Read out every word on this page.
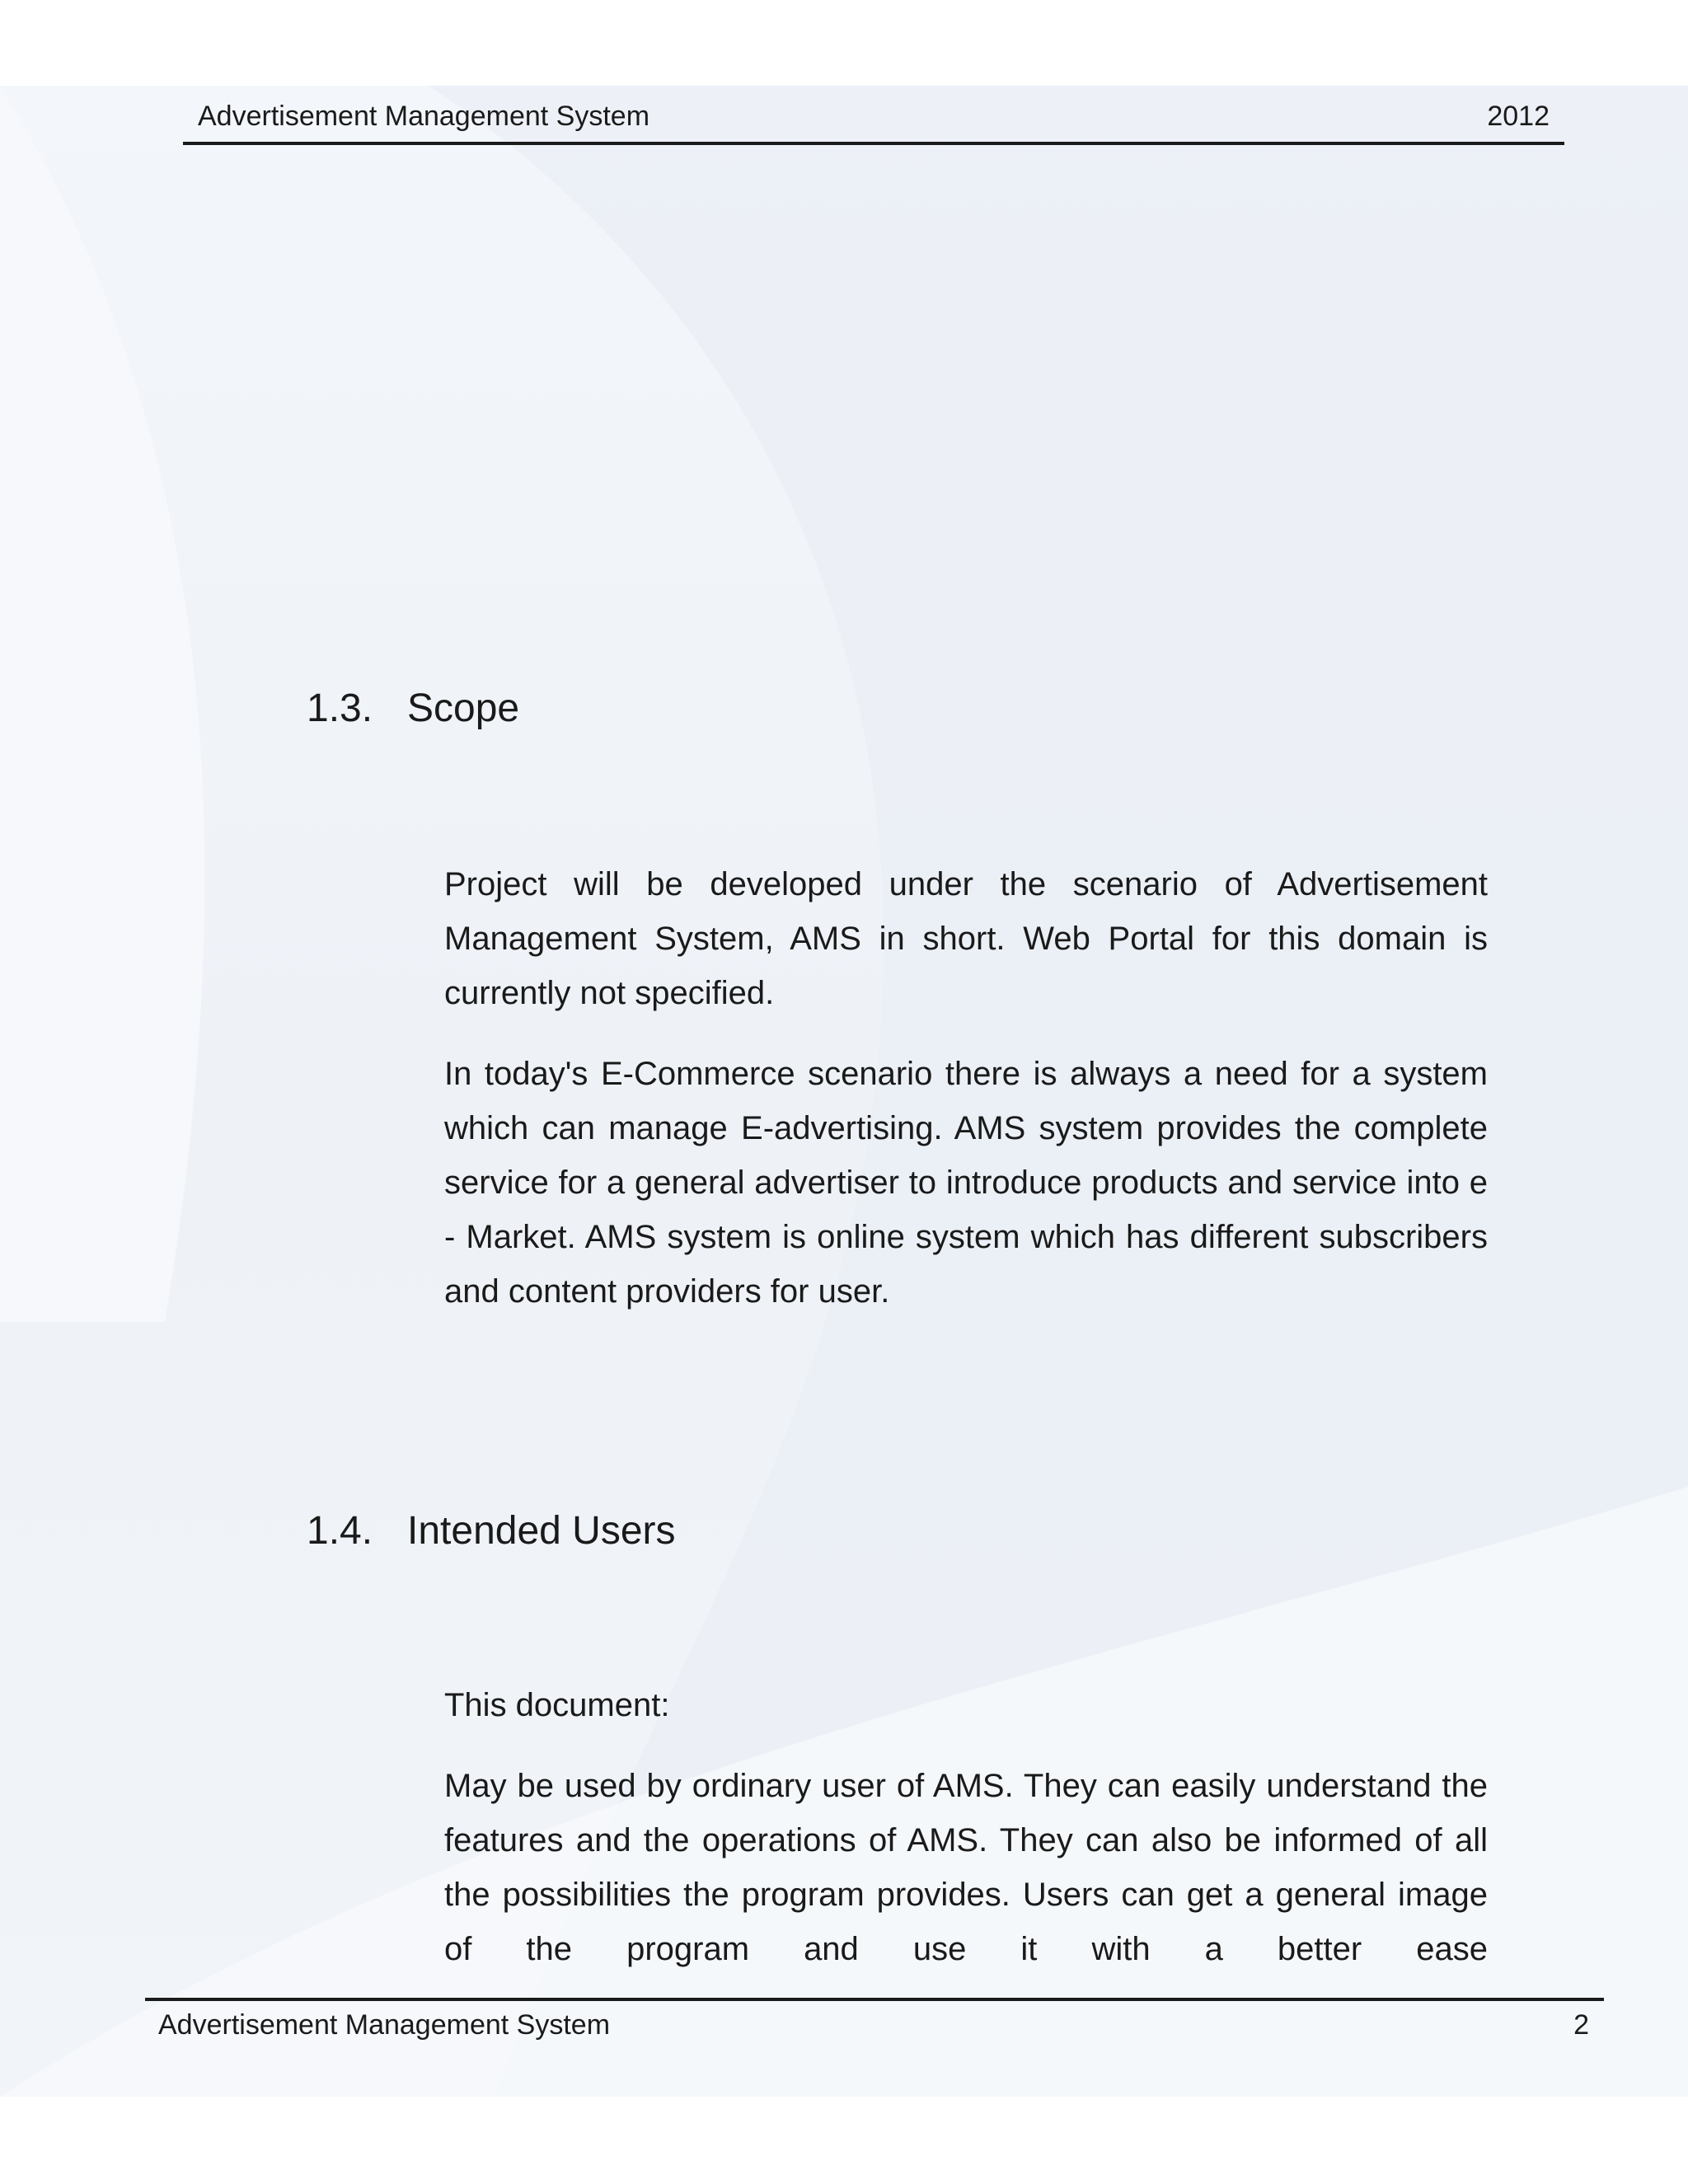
Advertisement Management System	2012
1.3. Scope

Project will be developed under the scenario of Advertisement Management System, AMS in short. Web Portal for this domain is currently not specified.

In today's E-Commerce scenario there is always a need for a system which can manage E-advertising. AMS system provides the complete service for a general advertiser to introduce products and service into e - Market. AMS system is online system which has different subscribers and content providers for user.

1.4. Intended Users

This document:

May be used by ordinary user of AMS. They can easily understand the features and the operations of AMS. They can also be informed of all the possibilities the program provides. Users can get a general image of the program and use it with a better ease

Advertisement Management System	2
